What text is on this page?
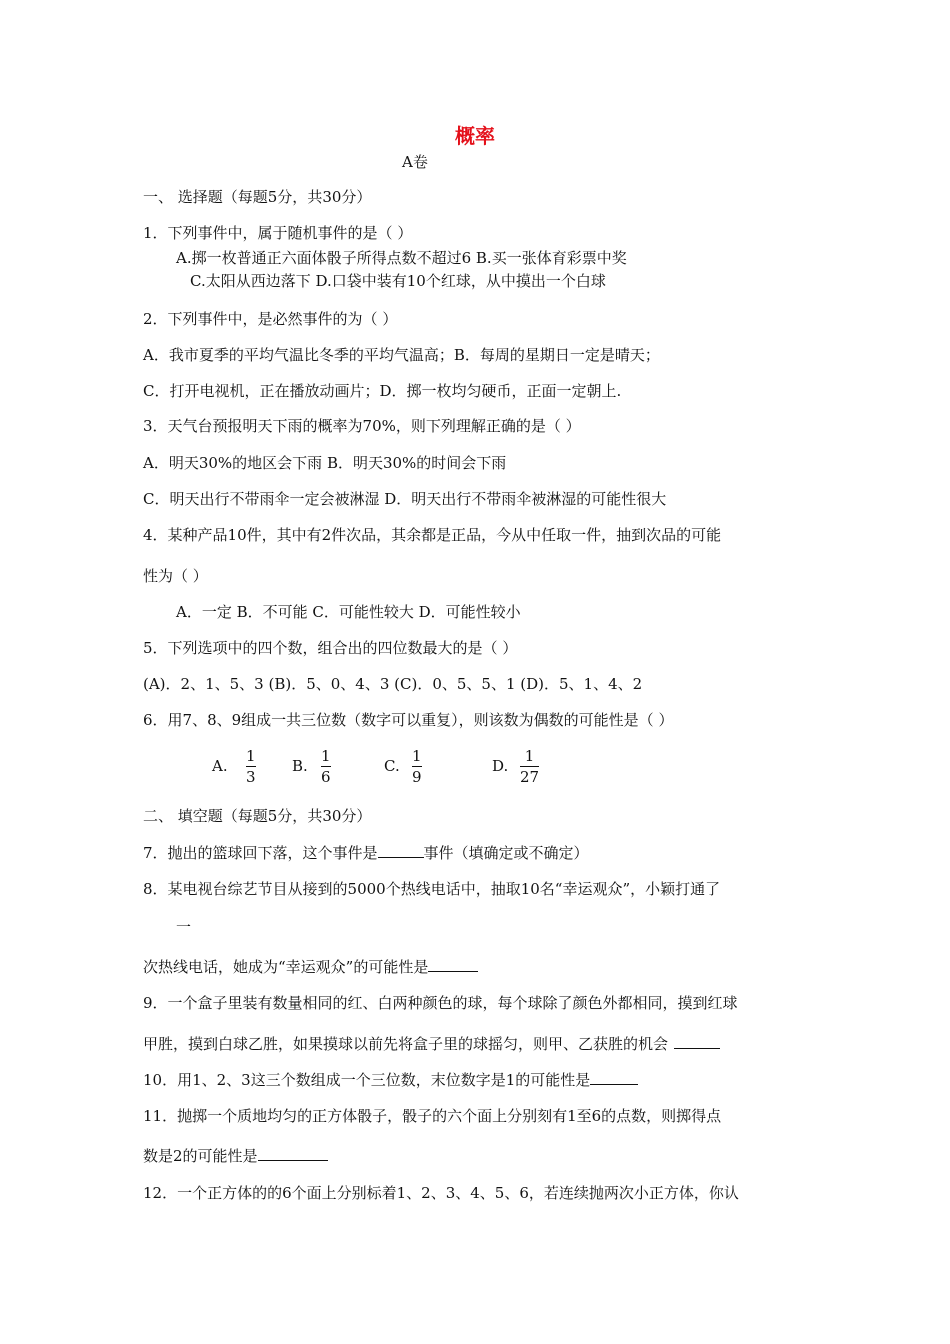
概率
A卷
一、 选择题（每题5分，共30分）
1．下列事件中，属于随机事件的是（ ）
A.掷一枚普通正六面体骰子所得点数不超过6 B.买一张体育彩票中奖
C.太阳从西边落下 D.口袋中装有10个红球，从中摸出一个白球
2．下列事件中，是必然事件的为（ ）
A．我市夏季的平均气温比冬季的平均气温高；B．每周的星期日一定是晴天；
C．打开电视机，正在播放动画片；D．掷一枚均匀硬币，正面一定朝上.
3．天气台预报明天下雨的概率为70%，则下列理解正确的是（ ）
A．明天30%的地区会下雨 B．明天30%的时间会下雨
C．明天出行不带雨伞一定会被淋湿 D．明天出行不带雨伞被淋湿的可能性很大
4．某种产品10件，其中有2件次品，其余都是正品，今从中任取一件，抽到次品的可能
性为（ ）
A．一定 B．不可能 C．可能性较大 D．可能性较小
5．下列选项中的四个数，组合出的四位数最大的是（ ）
(A)．2、1、5、3 (B)．5、0、4、3 (C)．0、5、5、1 (D)．5、1、4、2
6．用7、8、9组成一共三位数（数字可以重复），则该数为偶数的可能性是（ ）
A.
1
3
B.
1
6
C.
1
9
D.
1
27
二、 填空题（每题5分，共30分）
7．抛出的篮球回下落，这个事件是	事件（填确定或不确定）
8．某电视台综艺节目从接到的5000个热线电话中，抽取10名“幸运观众”，小颖打通了
一
次热线电话，她成为“幸运观众”的可能性是
9．一个盒子里装有数量相同的红、白两种颜色的球，每个球除了颜色外都相同，摸到红球
甲胜，摸到白球乙胜，如果摸球以前先将盒子里的球摇匀，则甲、乙获胜的机会
10．用1、2、3这三个数组成一个三位数，末位数字是1的可能性是
11．抛掷一个质地均匀的正方体骰子，骰子的六个面上分别刻有1至6的点数，则掷得点
数是2的可能性是
12．一个正方体的的6个面上分别标着1、2、3、4、5、6，若连续抛两次小正方体，你认
